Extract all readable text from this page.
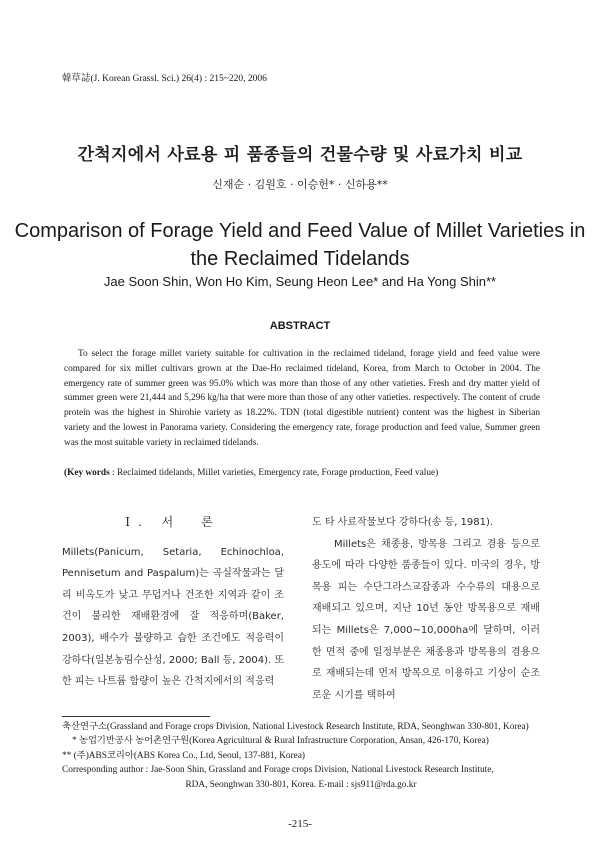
韓草誌(J. Korean Grassl. Sci.) 26(4) : 215~220, 2006
간척지에서 사료용 피 품종들의 건물수량 및 사료가치 비교
신재순 · 김원호 · 이승헌* · 신하용**
Comparison of Forage Yield and Feed Value of Millet Varieties in the Reclaimed Tidelands
Jae Soon Shin, Won Ho Kim, Seung Heon Lee* and Ha Yong Shin**
ABSTRACT

To select the forage millet variety suitable for cultivation in the reclaimed tideland, forage yield and feed value were compared for six millet cultivars grown at the Dae-Ho reclaimed tideland, Korea, from March to October in 2004. The emergency rate of summer green was 95.0% which was more than those of any other vatieties. Fresh and dry matter yield of summer green were 21,444 and 5,296 kg/ha that were more than those of any other vatieties. respectively. The content of crude protein was the highest in Shirohie variety as 18.22%. TDN (total digestible nutrient) content was the highest in Siberian variety and the lowest in Panorama variety. Considering the emergency rate, forage production and feed value, Summer green was the most suitable variety in reclaimed tidelands.

(Key words : Reclaimed tidelands, Millet varieties, Emergency rate, Forage production, Feed value)

Ⅰ. 서　론
Millets(Panicum, Setaria, Echinochloa, Pennisetum and Paspalum)는 곡실작물과는 달리 비옥도가 낮고 무덥거나 건조한 지역과 같이 조건이 불리한 재배환경에 잘 적응하며(Baker, 2003), 배수가 불량하고 습한 조건에도 적응력이 강하다(일본농림수산성, 2000; Ball 등, 2004). 또한 피는 나트륨 함량이 높은 간척지에서의 적응력
도 타 사료작물보다 강하다(송 등, 1981).
Millets은 채종용, 방목용 그리고 겸용 등으로 용도에 따라 다양한 품종들이 있다. 미국의 경우, 방목용 피는 수단그라스교잡종과 수수류의 대용으로 재배되고 있으며, 지난 10년 동안 방목용으로 재배되는 Millets은 7,000~10,000ha에 달하며, 이러한 면적 중에 일정부분은 채종용과 방목용의 겸용으로 재배되는데 먼저 방목으로 이용하고 기상이 순조로운 시기를 택하여
축산연구소(Grassland and Forage crops Division, National Livestock Research Institute, RDA, Seonghwan 330-801, Korea)
* 농업기반공사 농어촌연구원(Korea Agricultural & Rural Infrastructure Corporation, Ansan, 426-170, Korea)
** (주)ABS코리아(ABS Korea Co., Ltd, Seoul, 137-881, Korea)
Corresponding author : Jae-Soon Shin, Grassland and Forage crops Division, National Livestock Research Institute,
RDA, Seonghwan 330-801, Korea. E-mail : sjs911@rda.go.kr
-215-
